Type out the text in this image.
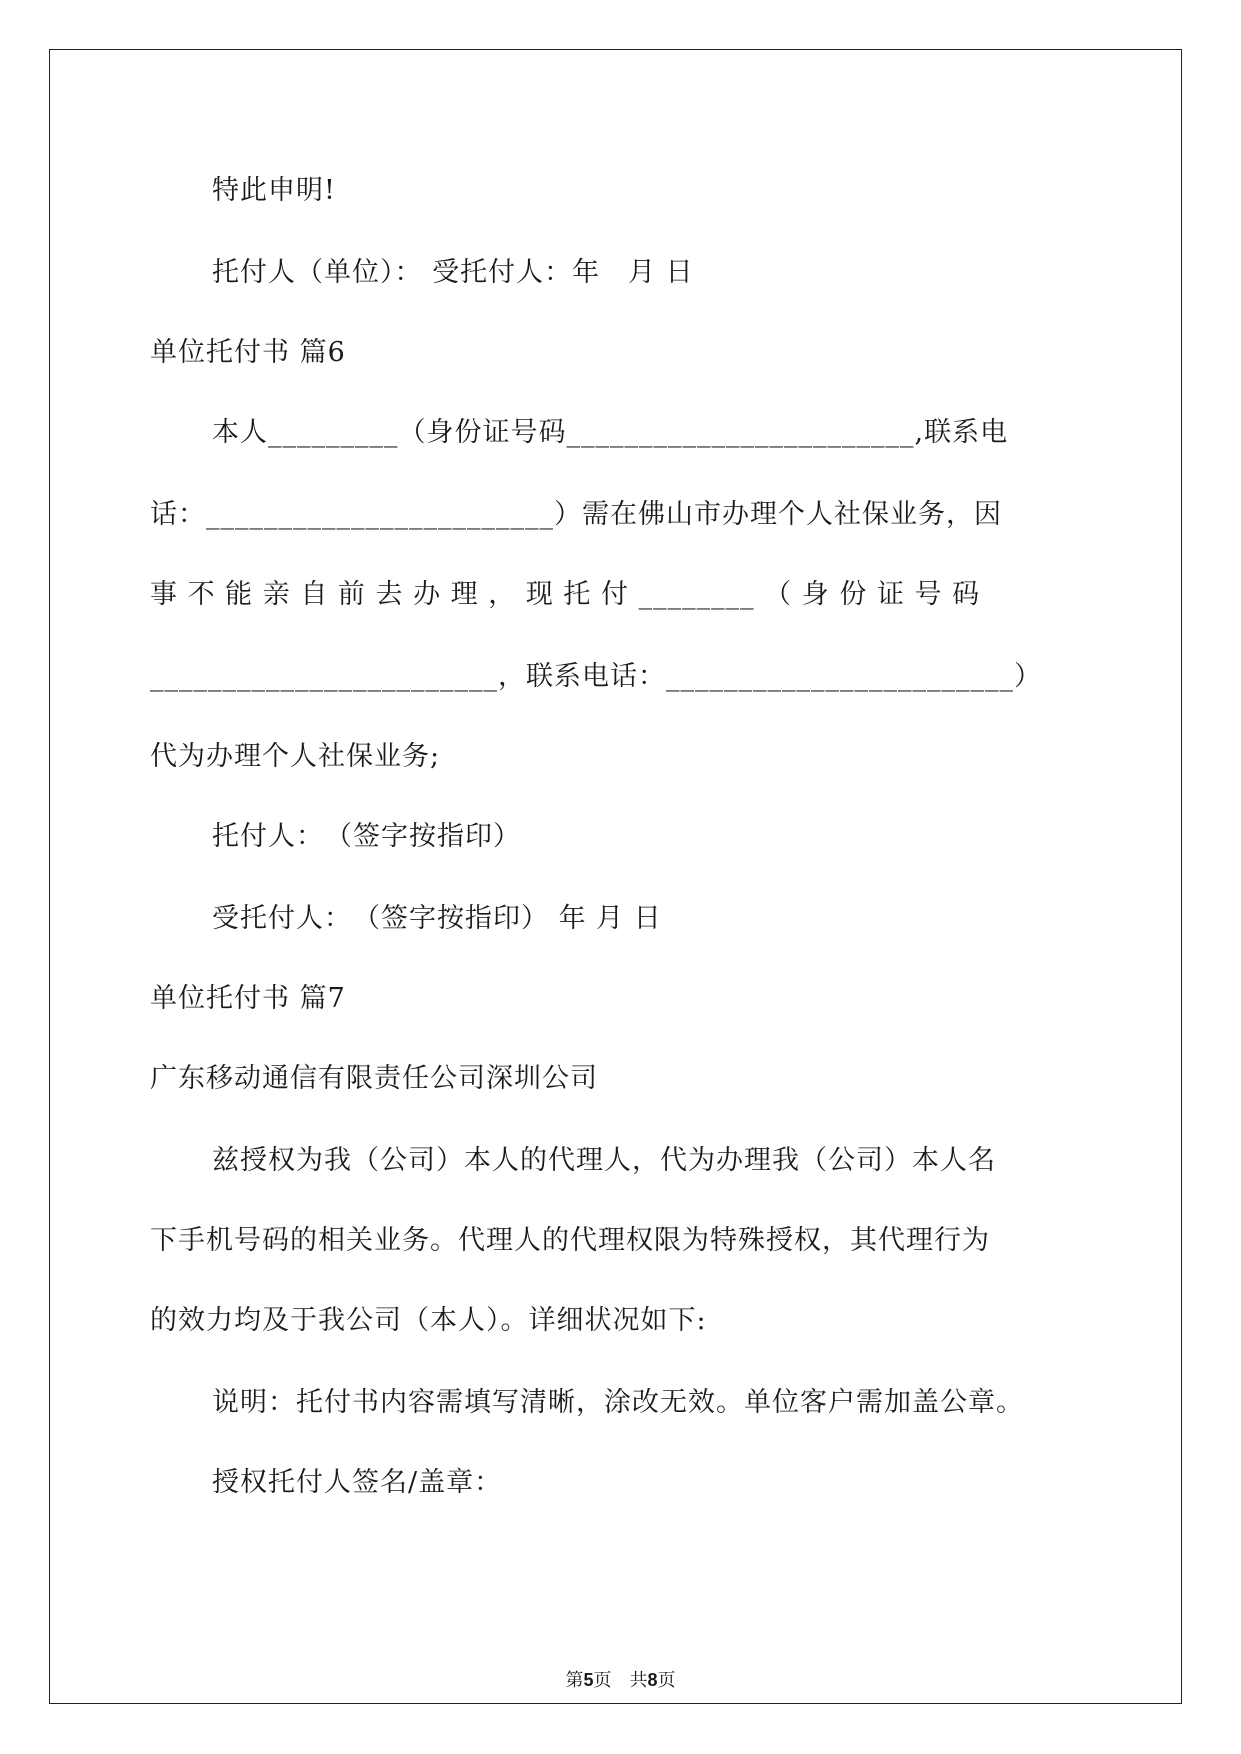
特此申明!
托付人（单位）： 受托付人：年　月 日
单位托付书 篇6
本人_________（身份证号码________________________,联系电
话：________________________）需在佛山市办理个人社保业务，因
事 不 能 亲 自 前 去 办 理 ， 现 托 付 ________ （ 身 份 证 号 码
________________________，联系电话：________________________）
代为办理个人社保业务;
托付人：　（签字按指印）
受托付人：　（签字按指印） 年 月 日
单位托付书 篇7
广东移动通信有限责任公司深圳公司
兹授权为我（公司）本人的代理人，代为办理我（公司）本人名
下手机号码的相关业务。代理人的代理权限为特殊授权，其代理行为
的效力均及于我公司（本人）。详细状况如下:
说明：托付书内容需填写清晰，涂改无效。单位客户需加盖公章。
授权托付人签名/盖章：
第5页　共8页
